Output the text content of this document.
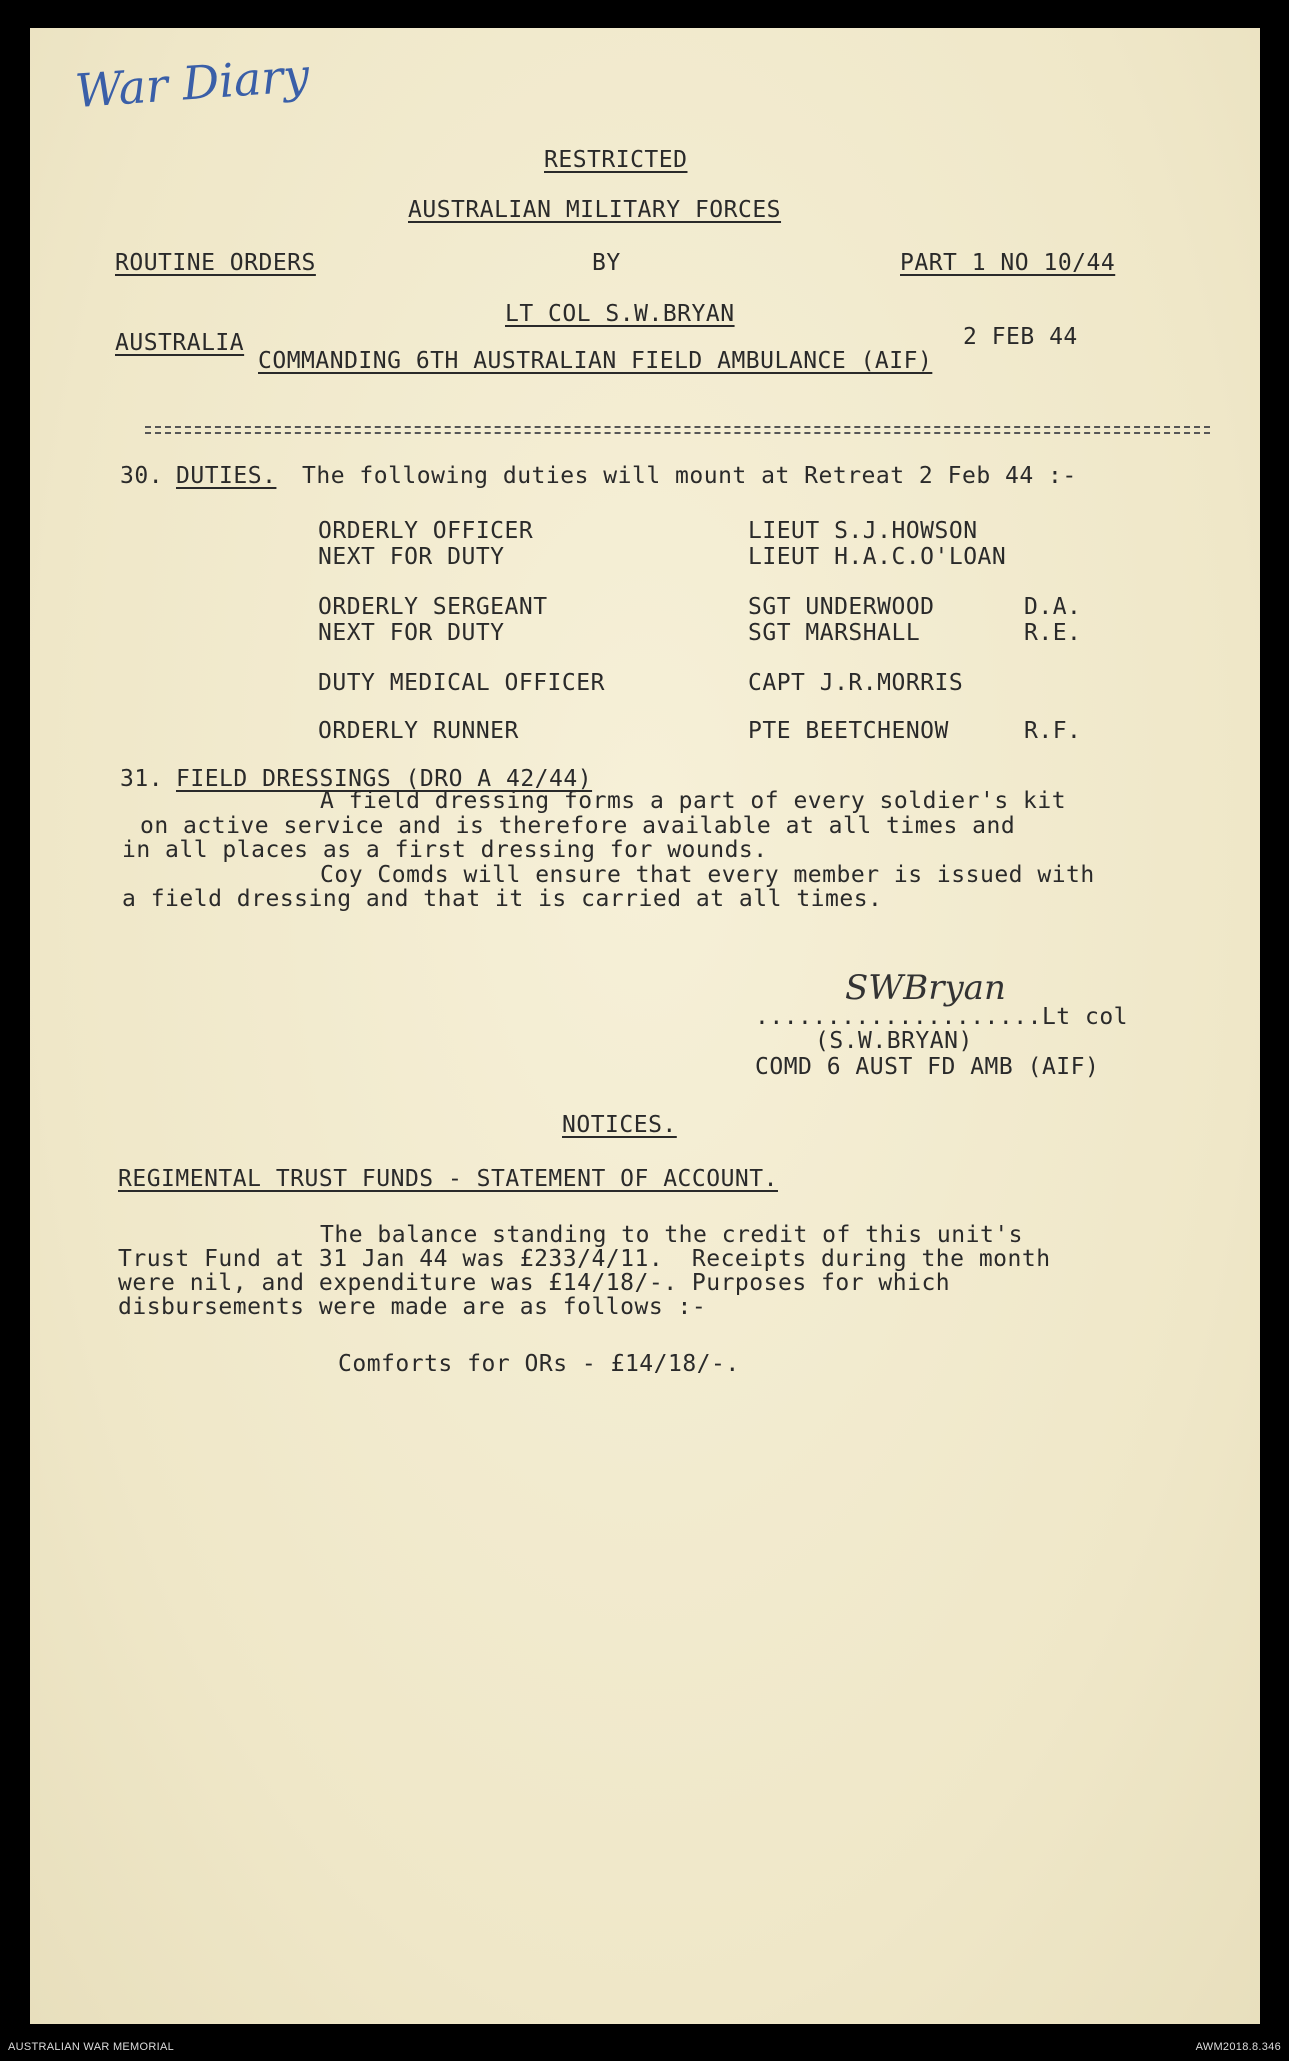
War Diary
RESTRICTED
AUSTRALIAN MILITARY FORCES
ROUTINE ORDERS	BY	PART 1 NO 10/44
LT COL S.W.BRYAN
AUSTRALIA	2 FEB 44
COMMANDING 6TH AUSTRALIAN FIELD AMBULANCE (AIF)
30. DUTIES. The following duties will mount at Retreat 2 Feb 44 :-
ORDERLY OFFICER	LIEUT S.J.HOWSON
NEXT FOR DUTY	LIEUT H.A.C.O'LOAN
ORDERLY SERGEANT	SGT UNDERWOOD	D.A.
NEXT FOR DUTY	SGT MARSHALL	R.E.
DUTY MEDICAL OFFICER	CAPT J.R.MORRIS
ORDERLY RUNNER	PTE BEETCHENOW	R.F.
31. FIELD DRESSINGS (DRO A 42/44)
A field dressing forms a part of every soldier's kit
on active service and is therefore available at all times and
in all places as a first dressing for wounds.
Coy Comds will ensure that every member is issued with
a field dressing and that it is carried at all times.
SWBryan
....................Lt col
(S.W.BRYAN)
COMD 6 AUST FD AMB (AIF)
NOTICES.
REGIMENTAL TRUST FUNDS - STATEMENT OF ACCOUNT.
The balance standing to the credit of this unit's
Trust Fund at 31 Jan 44 was £233/4/11.  Receipts during the month
were nil, and expenditure was £14/18/-. Purposes for which
disbursements were made are as follows :-
Comforts for ORs - £14/18/-.
AUSTRALIAN WAR MEMORIAL	AWM2018.8.346
